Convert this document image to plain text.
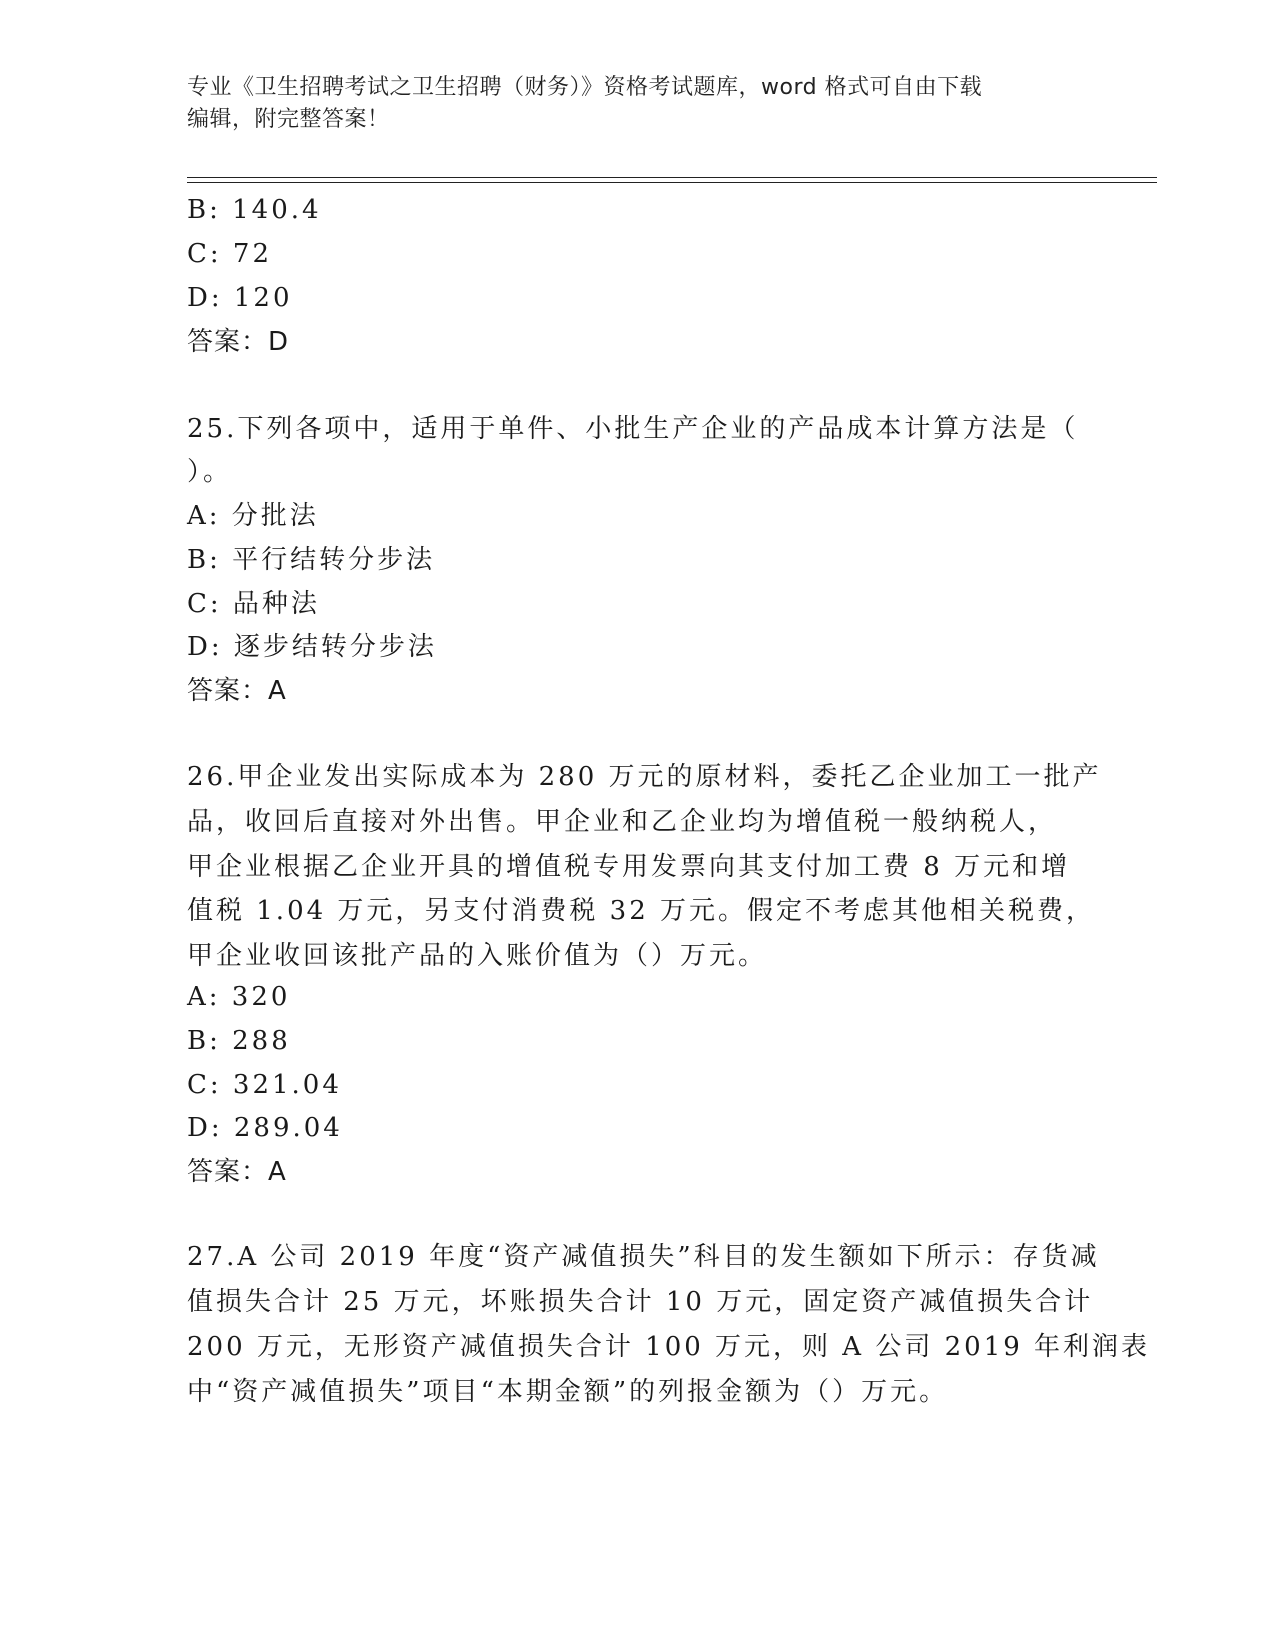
专业《卫生招聘考试之卫生招聘（财务）》资格考试题库，word 格式可自由下载
编辑，附完整答案！
B: 140.4
C: 72
D: 120
答案：D
25.下列各项中，适用于单件、小批生产企业的产品成本计算方法是（
）。
A: 分批法
B: 平行结转分步法
C: 品种法
D: 逐步结转分步法
答案：A
26.甲企业发出实际成本为 280 万元的原材料，委托乙企业加工一批产
品，收回后直接对外出售。甲企业和乙企业均为增值税一般纳税人，
甲企业根据乙企业开具的增值税专用发票向其支付加工费 8 万元和增
值税 1.04 万元，另支付消费税 32 万元。假定不考虑其他相关税费，
甲企业收回该批产品的入账价值为（）万元。
A: 320
B: 288
C: 321.04
D: 289.04
答案：A
27.A 公司 2019 年度“资产减值损失”科目的发生额如下所示：存货减
值损失合计 25 万元，坏账损失合计 10 万元，固定资产减值损失合计
200 万元，无形资产减值损失合计 100 万元，则 A 公司 2019 年利润表
中“资产减值损失”项目“本期金额”的列报金额为（）万元。
